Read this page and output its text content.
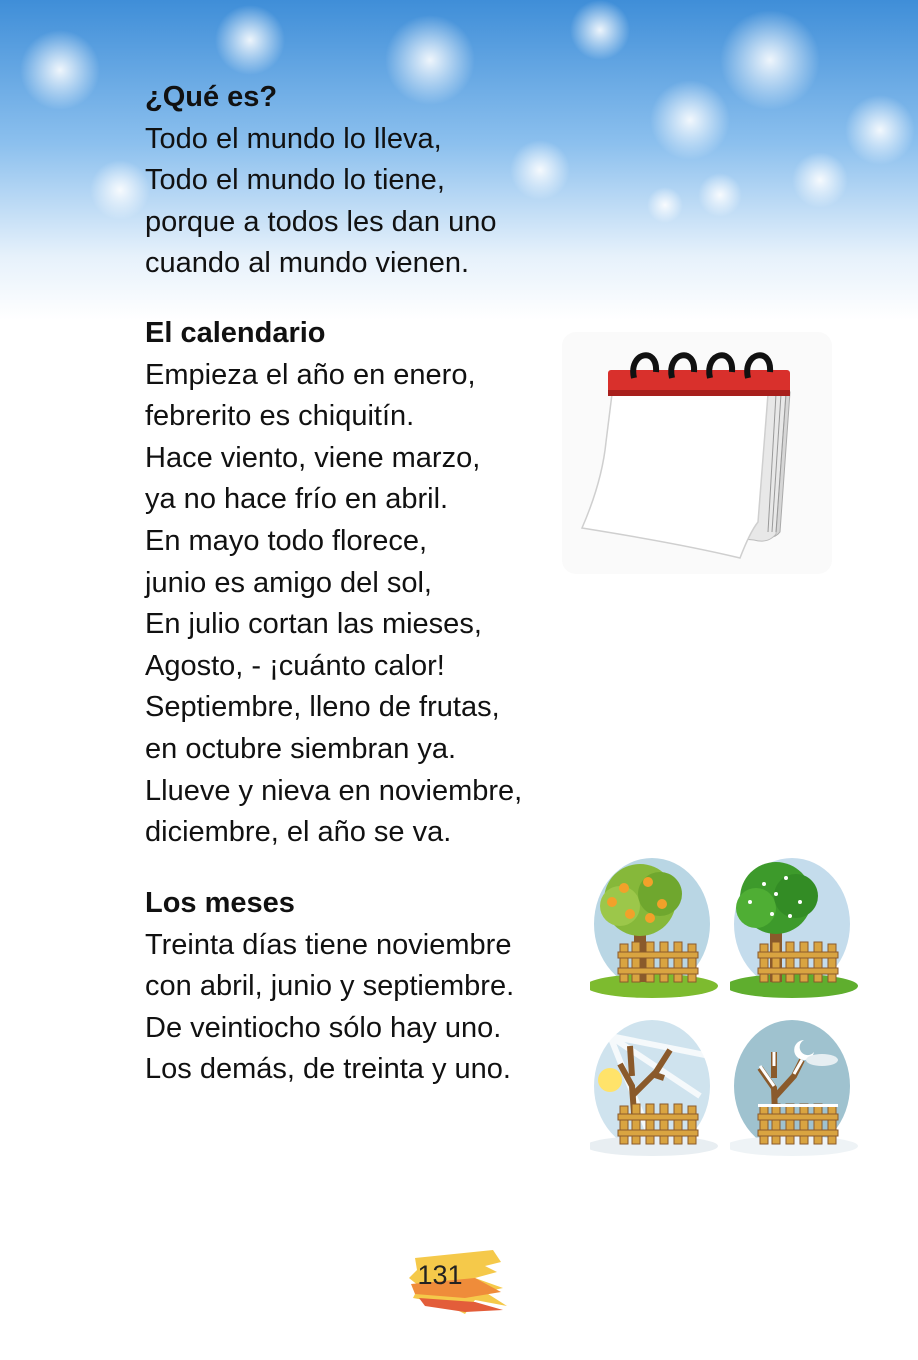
¿Qué es?
Todo el mundo lo lleva,
Todo el mundo lo tiene,
porque a todos les dan uno
cuando al mundo vienen.
El calendario
Empieza el año en enero,
febrerito es chiquitín.
Hace viento, viene marzo,
ya no hace frío en abril.
En mayo todo florece,
junio es amigo del sol,
En julio cortan las mieses,
Agosto, - ¡cuánto calor!
Septiembre, lleno de frutas,
en octubre siembran ya.
Llueve y nieva en noviembre,
diciembre, el año se va.
Los meses
Treinta días tiene noviembre
con abril, junio y septiembre.
De veintiocho sólo hay uno.
Los demás, de treinta y uno.
131
